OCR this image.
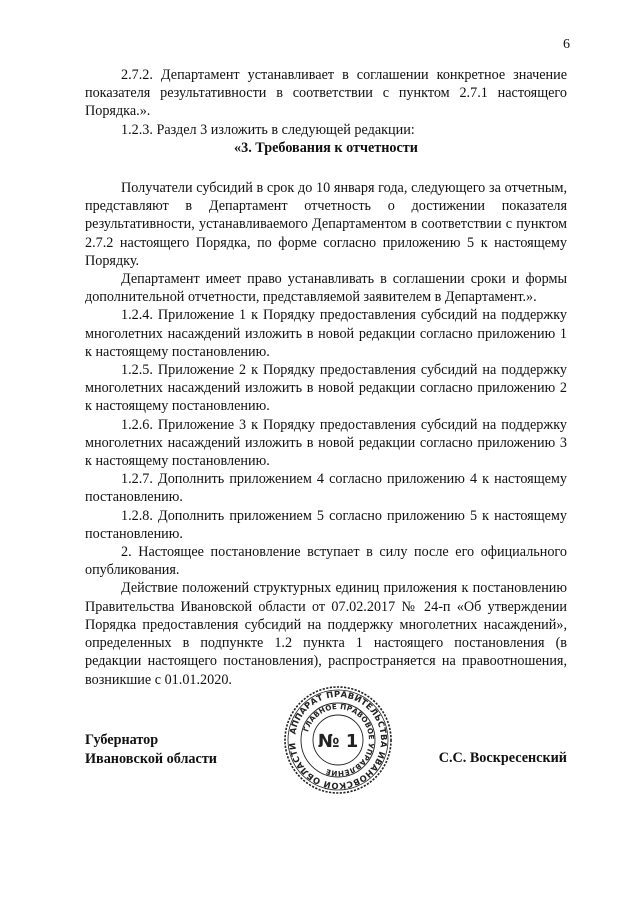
6

2.7.2. Департамент устанавливает в соглашении конкретное значение показателя результативности в соответствии с пунктом 2.7.1 настоящего Порядка.».

1.2.3. Раздел 3 изложить в следующей редакции:

«3. Требования к отчетности

Получатели субсидий в срок до 10 января года, следующего за отчетным, представляют в Департамент отчетность о достижении показателя результативности, устанавливаемого Департаментом в соответствии с пунктом 2.7.2 настоящего Порядка, по форме согласно приложению 5 к настоящему Порядку.

Департамент имеет право устанавливать в соглашении сроки и формы дополнительной отчетности, представляемой заявителем в Департамент.».

1.2.4. Приложение 1 к Порядку предоставления субсидий на поддержку многолетних насаждений изложить в новой редакции согласно приложению 1 к настоящему постановлению.

1.2.5. Приложение 2 к Порядку предоставления субсидий на поддержку многолетних насаждений изложить в новой редакции согласно приложению 2 к настоящему постановлению.

1.2.6. Приложение 3 к Порядку предоставления субсидий на поддержку многолетних насаждений изложить в новой редакции согласно приложению 3 к настоящему постановлению.

1.2.7. Дополнить приложением 4 согласно приложению 4 к настоящему постановлению.

1.2.8. Дополнить приложением 5 согласно приложению 5 к настоящему постановлению.

2. Настоящее постановление вступает в силу после его официального опубликования.

Действие положений структурных единиц приложения к постановлению Правительства Ивановской области от 07.02.2017 № 24-п «Об утверждении Порядка предоставления субсидий на поддержку многолетних насаждений», определенных в подпункте 1.2 пункта 1 настоящего постановления (в редакции настоящего постановления), распространяется на правоотношения, возникшие с 01.01.2020.

АППАРАТ ПРАВИТЕЛЬСТВА ИВАНОВСКОЙ ОБЛАСТИ
ГЛАВНОЕ ПРАВОВОЕ УПРАВЛЕНИЕ
№ 1
Губернатор
Ивановской области	С.С. Воскресенский
